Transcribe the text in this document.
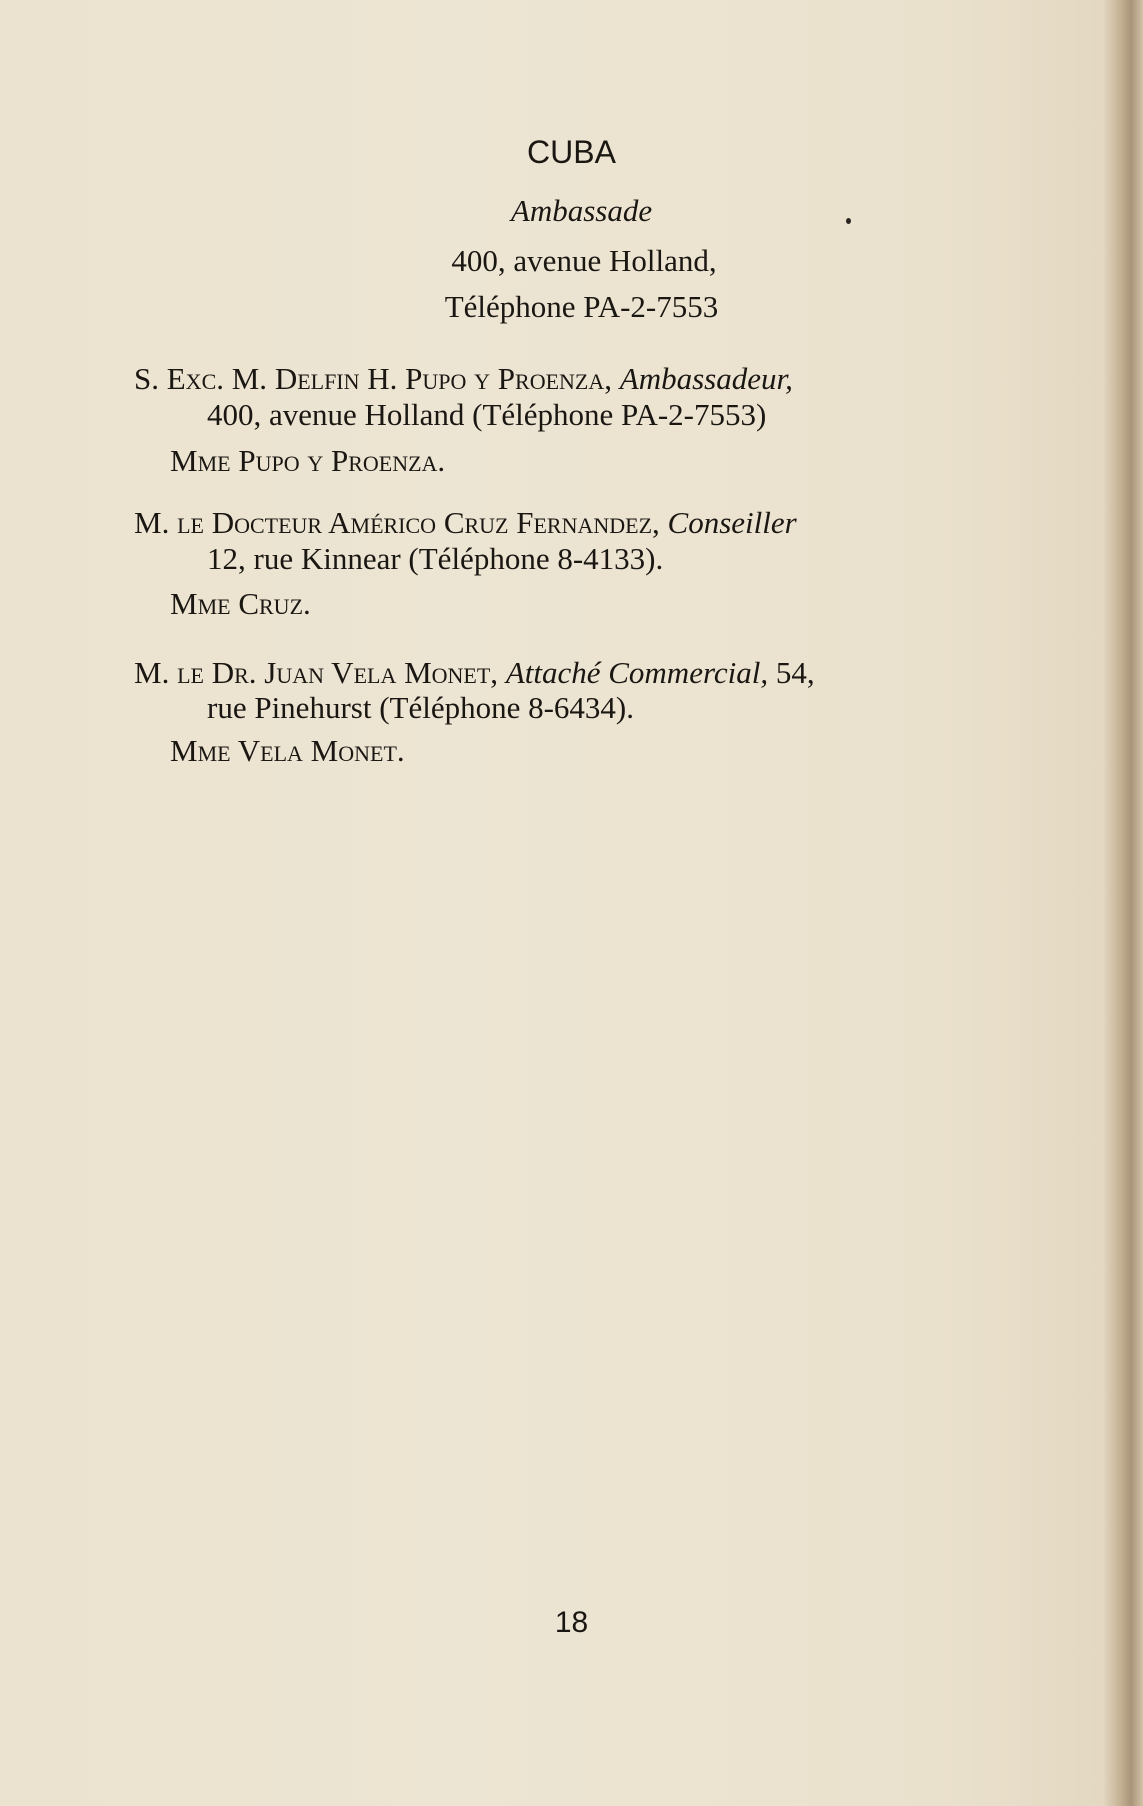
CUBA
Ambassade
400, avenue Holland,
Téléphone PA-2-7553
S. Exc. M. Delfin H. Pupo y Proenza, Ambassadeur,
400, avenue Holland (Téléphone PA-2-7553)
Mme Pupo y Proenza.
M. le Docteur Américo Cruz Fernandez, Conseiller
12, rue Kinnear (Téléphone 8-4133).
Mme Cruz.
M. le Dr. Juan Vela Monet, Attaché Commercial, 54,
rue Pinehurst (Téléphone 8-6434).
Mme Vela Monet.
18
